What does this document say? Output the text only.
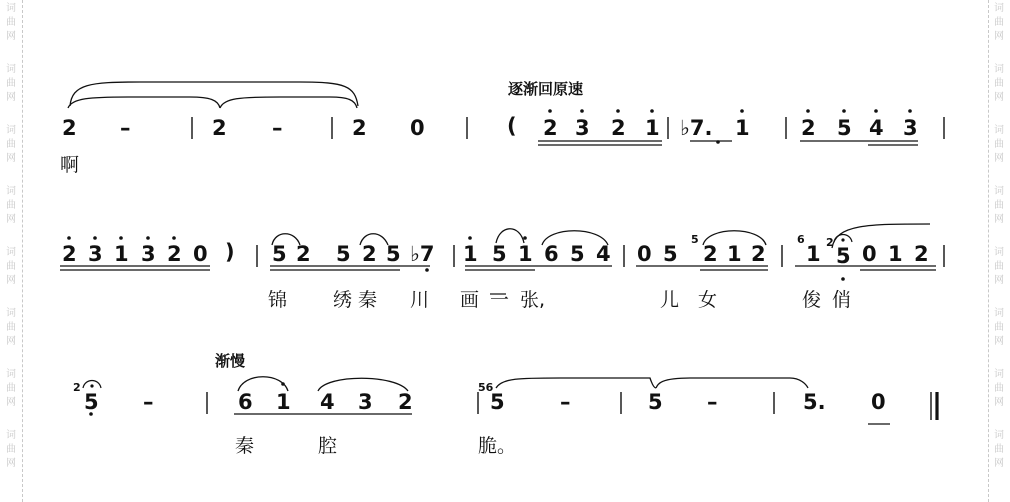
词
曲
网
词
曲
网
词
曲
网
词
曲
网
词
曲
网
词
曲
网
词
曲
网
词
曲
网
词
曲
网
词
曲
网
词
曲
网
词
曲
网
词
曲
网
词
曲
网
词
曲
网
词
曲
网
逐渐回原速
渐慢
2 –	2 –	2 0	( 2 3 2 1 ♭7. 1 2 5 4 3
啊
2 3 1 3 2 0 ) 5 2 5 2 5 ♭7 1 5 1 6 5 4 0 5 2 1 2 1 5 0 1 2
5	6 2
锦 绣 秦 川 画 一 张,	儿 女	俊 俏
5 –	6 1 4 3 2	5	–	5 –	5. 0
2	56
秦	腔	脆。
